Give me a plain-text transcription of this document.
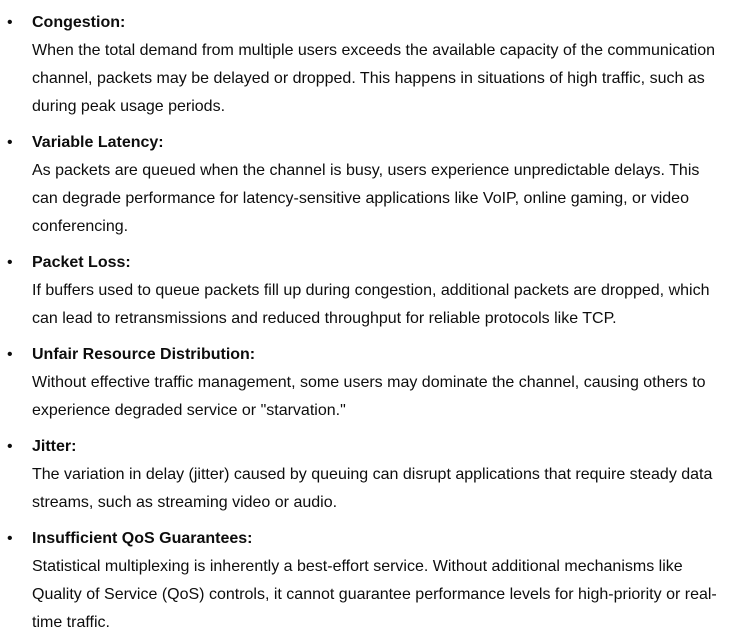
• Congestion:
When the total demand from multiple users exceeds the available capacity of the communication channel, packets may be delayed or dropped. This happens in situations of high traffic, such as during peak usage periods.
• Variable Latency:
As packets are queued when the channel is busy, users experience unpredictable delays. This can degrade performance for latency-sensitive applications like VoIP, online gaming, or video conferencing.
• Packet Loss:
If buffers used to queue packets fill up during congestion, additional packets are dropped, which can lead to retransmissions and reduced throughput for reliable protocols like TCP.
• Unfair Resource Distribution:
Without effective traffic management, some users may dominate the channel, causing others to experience degraded service or "starvation."
• Jitter:
The variation in delay (jitter) caused by queuing can disrupt applications that require steady data streams, such as streaming video or audio.
• Insufficient QoS Guarantees:
Statistical multiplexing is inherently a best-effort service. Without additional mechanisms like Quality of Service (QoS) controls, it cannot guarantee performance levels for high-priority or real-time traffic.
